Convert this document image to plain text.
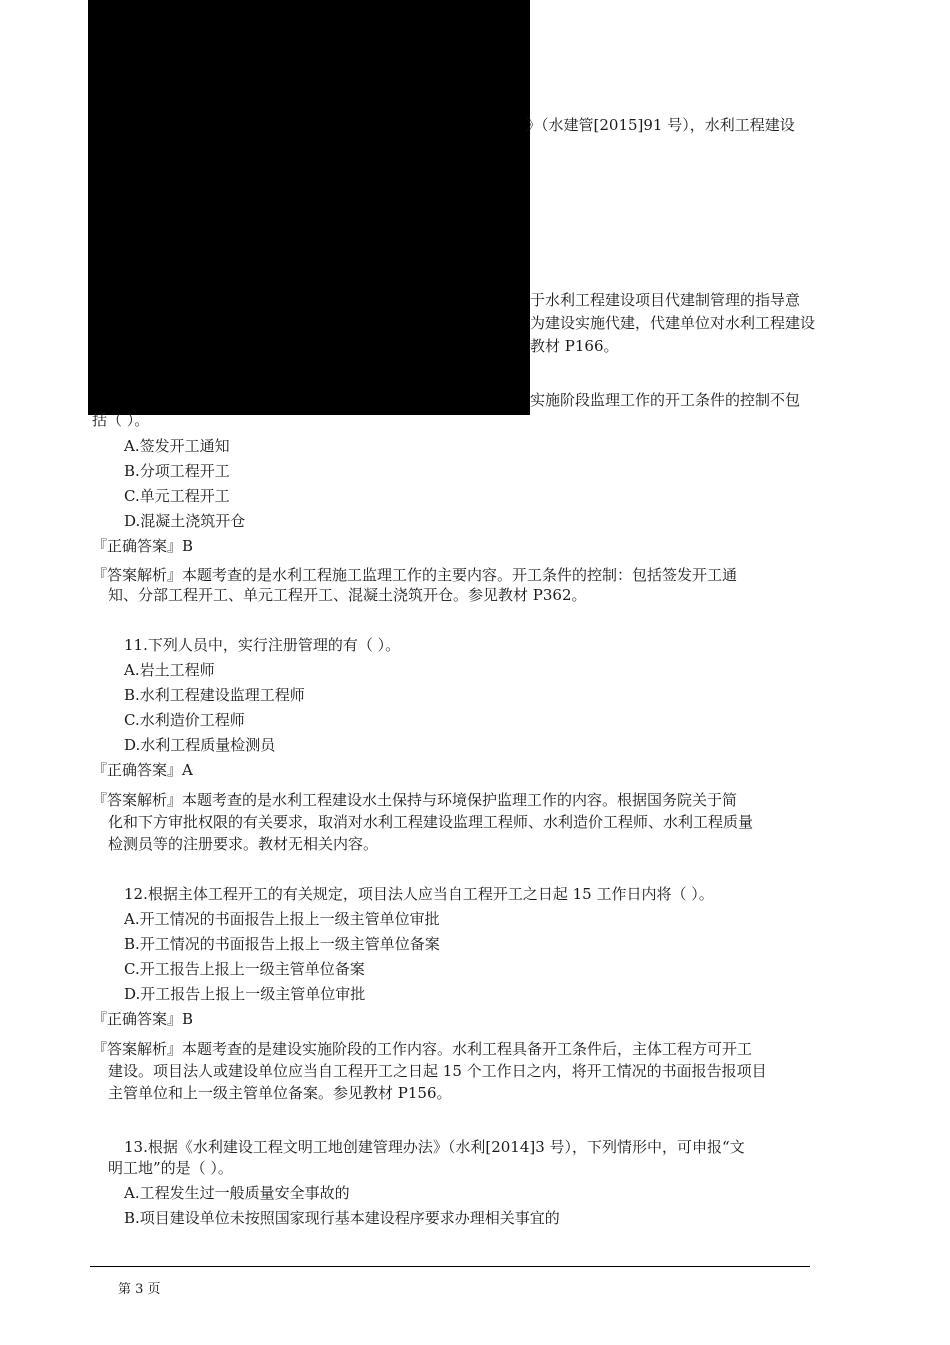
》（水建管[2015]91 号），水利工程建设
于水利工程建设项目代建制管理的指导意
为建设实施代建，代建单位对水利工程建设
教材 P166。
实施阶段监理工作的开工条件的控制不包
括（ ）。
A.签发开工通知
B.分项工程开工
C.单元工程开工
D.混凝土浇筑开仓
『正确答案』B
『答案解析』本题考查的是水利工程施工监理工作的主要内容。开工条件的控制：包括签发开工通
知、分部工程开工、单元工程开工、混凝土浇筑开仓。参见教材 P362。
11.下列人员中，实行注册管理的有（ ）。
A.岩土工程师
B.水利工程建设监理工程师
C.水利造价工程师
D.水利工程质量检测员
『正确答案』A
『答案解析』本题考查的是水利工程建设水土保持与环境保护监理工作的内容。根据国务院关于简
化和下方审批权限的有关要求，取消对水利工程建设监理工程师、水利造价工程师、水利工程质量
检测员等的注册要求。教材无相关内容。
12.根据主体工程开工的有关规定，项目法人应当自工程开工之日起 15 工作日内将（ ）。
A.开工情况的书面报告上报上一级主管单位审批
B.开工情况的书面报告上报上一级主管单位备案
C.开工报告上报上一级主管单位备案
D.开工报告上报上一级主管单位审批
『正确答案』B
『答案解析』本题考查的是建设实施阶段的工作内容。水利工程具备开工条件后，主体工程方可开工
建设。项目法人或建设单位应当自工程开工之日起 15 个工作日之内，将开工情况的书面报告报项目
主管单位和上一级主管单位备案。参见教材 P156。
13.根据《水利建设工程文明工地创建管理办法》（水利[2014]3 号），下列情形中，可申报“文
明工地”的是（ ）。
A.工程发生过一般质量安全事故的
B.项目建设单位未按照国家现行基本建设程序要求办理相关事宜的
第 3 页
